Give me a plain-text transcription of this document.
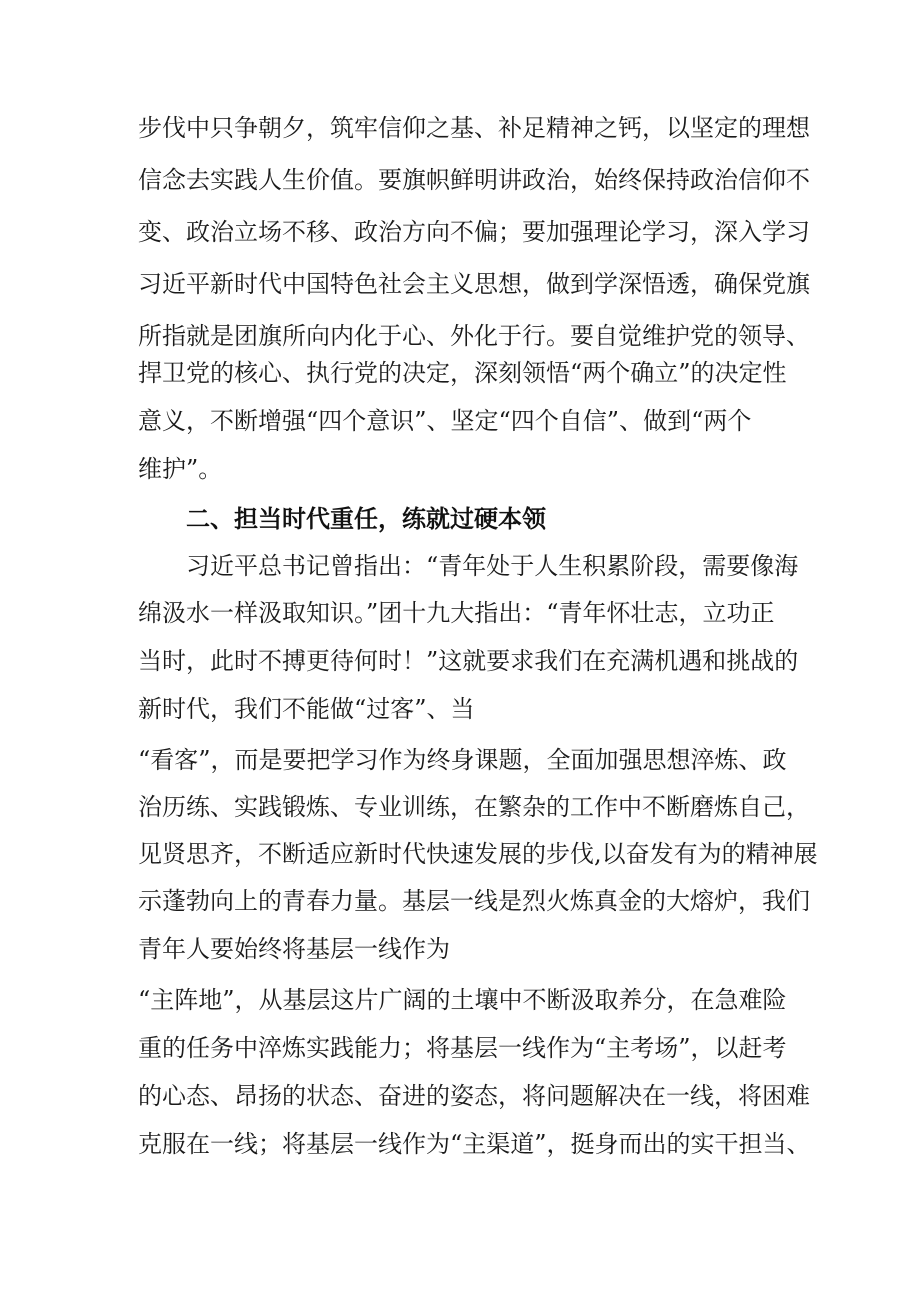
步伐中只争朝夕，筑牢信仰之基、补足精神之钙，以坚定的理想
信念去实践人生价值。要旗帜鲜明讲政治，始终保持政治信仰不
变、政治立场不移、政治方向不偏；要加强理论学习，深入学习
习近平新时代中国特色社会主义思想，做到学深悟透，确保党旗
所指就是团旗所向内化于心、外化于行。要自觉维护党的领导、
捍卫党的核心、执行党的决定，深刻领悟“两个确立”的决定性
意义，不断增强“四个意识”、坚定“四个自信”、做到“两个
维护”。
二、担当时代重任，练就过硬本领
习近平总书记曾指出：“青年处于人生积累阶段，需要像海
绵汲水一样汲取知识。”团十九大指出：“青年怀壮志，立功正
当时，此时不搏更待何时！”这就要求我们在充满机遇和挑战的
新时代，我们不能做“过客”、当
“看客”，而是要把学习作为终身课题，全面加强思想淬炼、政
治历练、实践锻炼、专业训练，在繁杂的工作中不断磨炼自己，
见贤思齐，不断适应新时代快速发展的步伐,以奋发有为的精神展
示蓬勃向上的青春力量。基层一线是烈火炼真金的大熔炉，我们
青年人要始终将基层一线作为
“主阵地”，从基层这片广阔的土壤中不断汲取养分，在急难险
重的任务中淬炼实践能力；将基层一线作为“主考场”，以赶考
的心态、昂扬的状态、奋进的姿态，将问题解决在一线，将困难
克服在一线；将基层一线作为“主渠道”，挺身而出的实干担当、
